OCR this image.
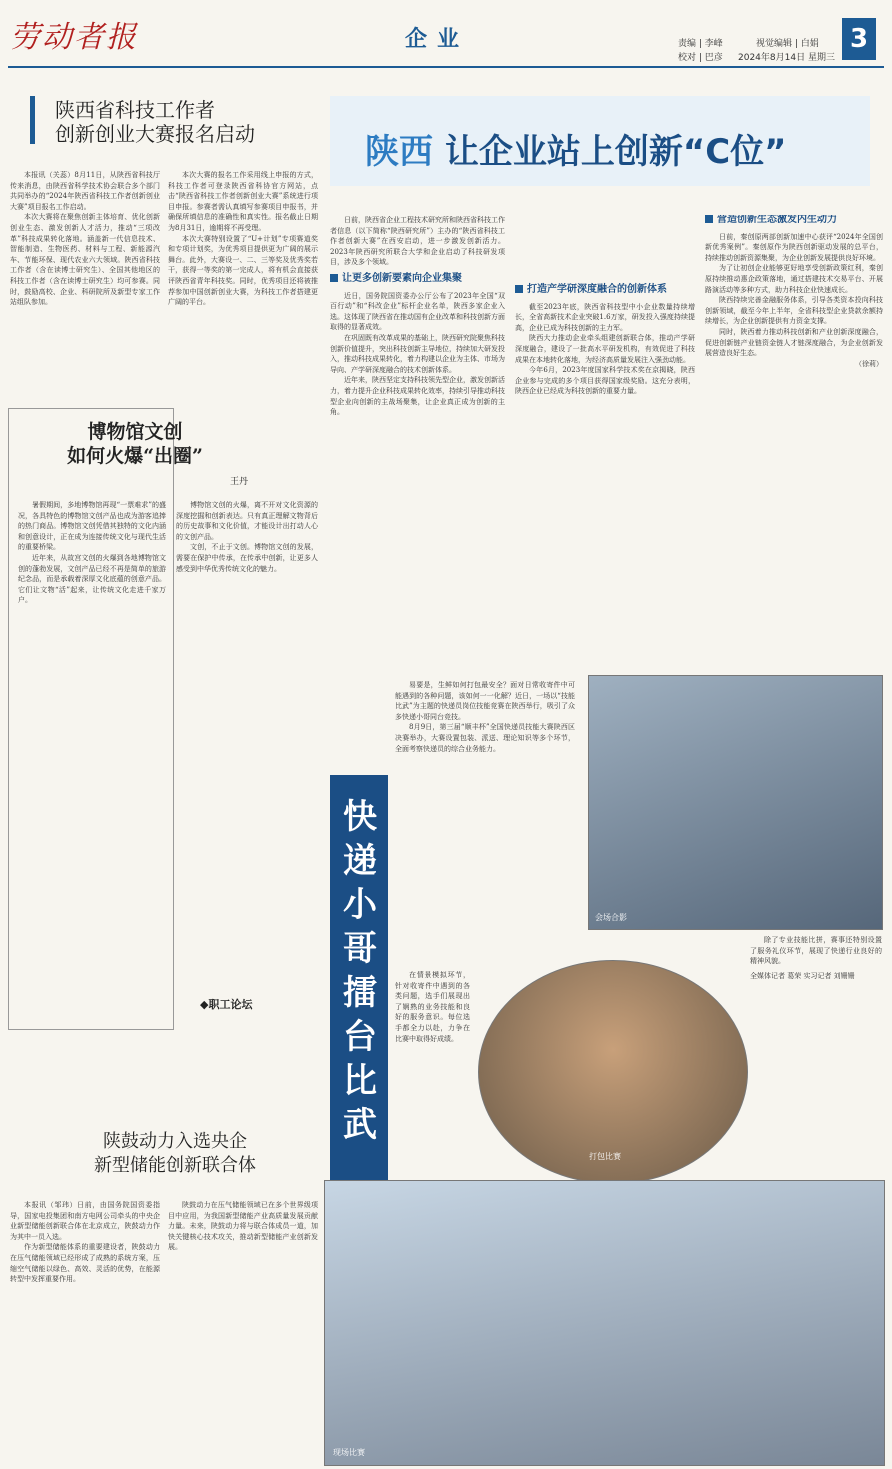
劳动者报	企业	责编 | 李峰
校对 | 巴彦
视觉编辑 | 白娟
2024年8月14日 星期三
3
陕西省科技工作者
创新创业大赛报名启动

本报讯（关蕊）8月11日，从陕西省科技厅传来消息，由陕西省科学技术协会联合多个部门共同举办的“2024年陕西省科技工作者创新创业大赛”项目报名工作启动。

本次大赛将在聚焦创新主体培育、优化创新创业生态、激发创新人才活力，推动“三项改革”科技成果转化落地。涵盖新一代信息技术、智能制造、生物医药、材料与工程、新能源汽车、节能环保、现代农业六大领域。陕西省科技工作者（含在读博士研究生）、全国其他地区的科技工作者（含在读博士研究生）均可参赛。同时，鼓励高校、企业、科研院所及新型专家工作站组队参加。

本次大赛的报名工作采用线上申报的方式，科技工作者可登录陕西省科协官方网站，点击“陕西省科技工作者创新创业大赛”系统进行项目申报。参赛者需认真填写参赛项目申报书，并确保所填信息的准确性和真实性。报名截止日期为8月31日，逾期将不再受理。

本次大赛特别设置了“U+计划”专项赛道奖和专项计划奖，为优秀项目提供更为广阔的展示舞台。此外，大赛设一、二、三等奖及优秀奖若干，获得一等奖的第一完成人，将有机会直接获评陕西省青年科技奖。同时，优秀项目还将被推荐参加中国创新创业大赛，为科技工作者搭建更广阔的平台。

陕西 让企业站上创新“C位”

日前，陕西省企业工程技术研究所和陕西省科技工作者信息（以下简称“陕西研究所”）主办的“陕西省科技工作者创新大赛”在西安启动，进一步激发创新活力。2023年陕西研究所联合大学和企业启动了科技研发项目，涉及多个领域。

让更多创新要素向企业集聚

近日，国务院国资委办公厅公布了2023年全国“双百行动”和“科改企业”标杆企业名单，陕西多家企业入选。这体现了陕西省在推动国有企业改革和科技创新方面取得的显著成效。

在巩固既有改革成果的基础上，陕西研究院聚焦科技创新价值提升，突出科技创新主导地位，持续加大研发投入，推动科技成果转化，着力构建以企业为主体、市场为导向、产学研深度融合的技术创新体系。

近年来，陕西坚定支持科技领先型企业，激发创新活力，着力提升企业科技成果转化效率，持续引导推动科技型企业向创新的主战场聚集，让企业真正成为创新的主角。

打造产学研深度融合的创新体系

截至2023年底，陕西省科技型中小企业数量持续增长，全省高新技术企业突破1.6万家，研发投入强度持续提高，企业已成为科技创新的主力军。

陕西大力推动企业牵头组建创新联合体，推动产学研深度融合，建设了一批高水平研发机构，有效促进了科技成果在本地转化落地，为经济高质量发展注入强劲动能。

今年6月，2023年度国家科学技术奖在京揭晓，陕西企业参与完成的多个项目获得国家级奖励。这充分表明，陕西企业已经成为科技创新的重要力量。

营造创新生态激发内生动力

日前，秦创原两部创新加速中心获评“2024年全国创新优秀案例”。秦创原作为陕西创新驱动发展的总平台，持续推动创新资源集聚，为企业创新发展提供良好环境。

为了让初创企业能够更好地享受创新政策红利，秦创原持续推动惠企政策落地，通过搭建技术交易平台、开展路演活动等多种方式，助力科技企业快速成长。

陕西持续完善金融服务体系，引导各类资本投向科技创新领域，截至今年上半年，全省科技型企业贷款余额持续增长，为企业创新提供有力资金支撑。

同时，陕西着力推动科技创新和产业创新深度融合，促进创新链产业链资金链人才链深度融合，为企业创新发展营造良好生态。

（徐莉）
博物馆文创
如何火爆“出圈”
王丹

暑假期间，多地博物馆再现“一票难求”的盛况，各具特色的博物馆文创产品也成为游客追捧的热门商品。博物馆文创凭借其独特的文化内涵和创意设计，正在成为连接传统文化与现代生活的重要桥梁。

近年来，从故宫文创的火爆到各地博物馆文创的蓬勃发展，文创产品已经不再是简单的旅游纪念品，而是承载着深厚文化底蕴的创意产品。它们让文物“活”起来，让传统文化走进千家万户。

博物馆文创的火爆，离不开对文化资源的深度挖掘和创新表达。只有真正理解文物背后的历史故事和文化价值，才能设计出打动人心的文创产品。

文创，不止于文创。博物馆文创的发展，需要在保护中传承，在传承中创新，让更多人感受到中华优秀传统文化的魅力。

◆职工论坛
陕鼓动力入选央企
新型储能创新联合体

本报讯（邹玮）日前，由国务院国资委指导，国家电投集团和南方电网公司牵头的中央企业新型储能创新联合体在北京成立，陕鼓动力作为其中一员入选。

作为新型储能体系的重要建设者，陕鼓动力在压气储能领域已经形成了成熟的系统方案，压缩空气储能以绿色、高效、灵活的优势，在能源转型中发挥重要作用。

陕鼓动力在压气储能领域已在多个世界级项目中应用，为我国新型储能产业高质量发展贡献力量。未来，陕鼓动力将与联合体成员一道，加快关键核心技术攻关，推动新型储能产业创新发展。

快递小哥擂台比武

易要是，生鲜如何打包最安全？面对日常收寄件中可能遇到的各种问题，该如何一一化解？近日，一场以“技能比武”为主题的快递员岗位技能竞赛在陕西举行，吸引了众多快递小哥同台竞技。

8月9日，第三届“顺丰杯”全国快递员技能大赛陕西区决赛举办，大赛设置包装、派送、理论知识等多个环节，全面考察快递员的综合业务能力。

在情景模拟环节，针对收寄件中遇到的各类问题，选手们展现出了娴熟的业务技能和良好的服务意识。每位选手都全力以赴，力争在比赛中取得好成绩。

除了专业技能比拼，赛事还特别设置了服务礼仪环节，展现了快递行业良好的精神风貌。

全媒体记者 葛荣 实习记者 刘姗姗
会场合影
打包比赛
现场比赛
